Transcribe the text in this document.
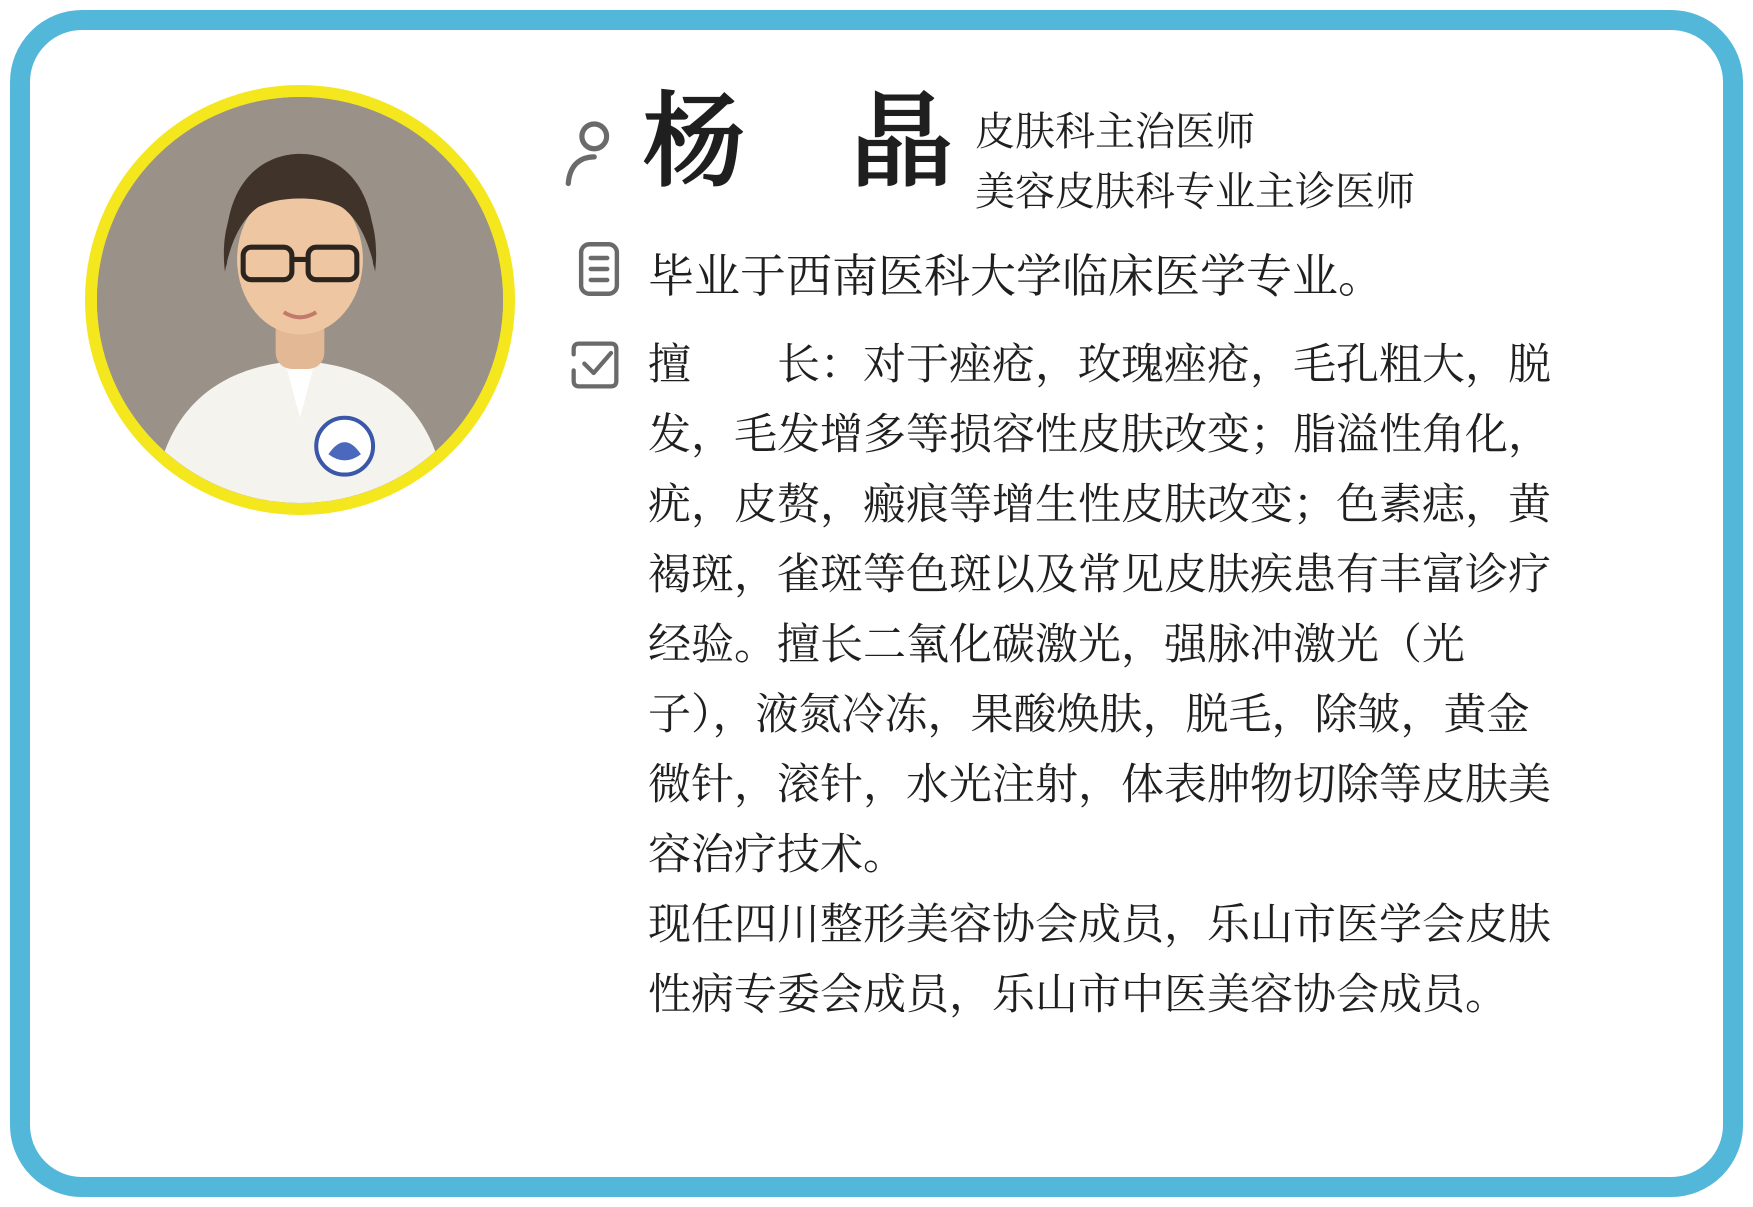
杨　晶 皮肤科主治医师
美容皮肤科专业主诊医师
毕业于西南医科大学临床医学专业。
擅　　长：对于痤疮，玫瑰痤疮，毛孔粗大，脱
发，毛发增多等损容性皮肤改变；脂溢性角化，
疣，皮赘，瘢痕等增生性皮肤改变；色素痣，黄
褐斑，雀斑等色斑以及常见皮肤疾患有丰富诊疗
经验。擅长二氧化碳激光，强脉冲激光（光
子），液氮冷冻，果酸焕肤，脱毛，除皱，黄金
微针，滚针，水光注射，体表肿物切除等皮肤美
容治疗技术。
现任四川整形美容协会成员，乐山市医学会皮肤
性病专委会成员，乐山市中医美容协会成员。
